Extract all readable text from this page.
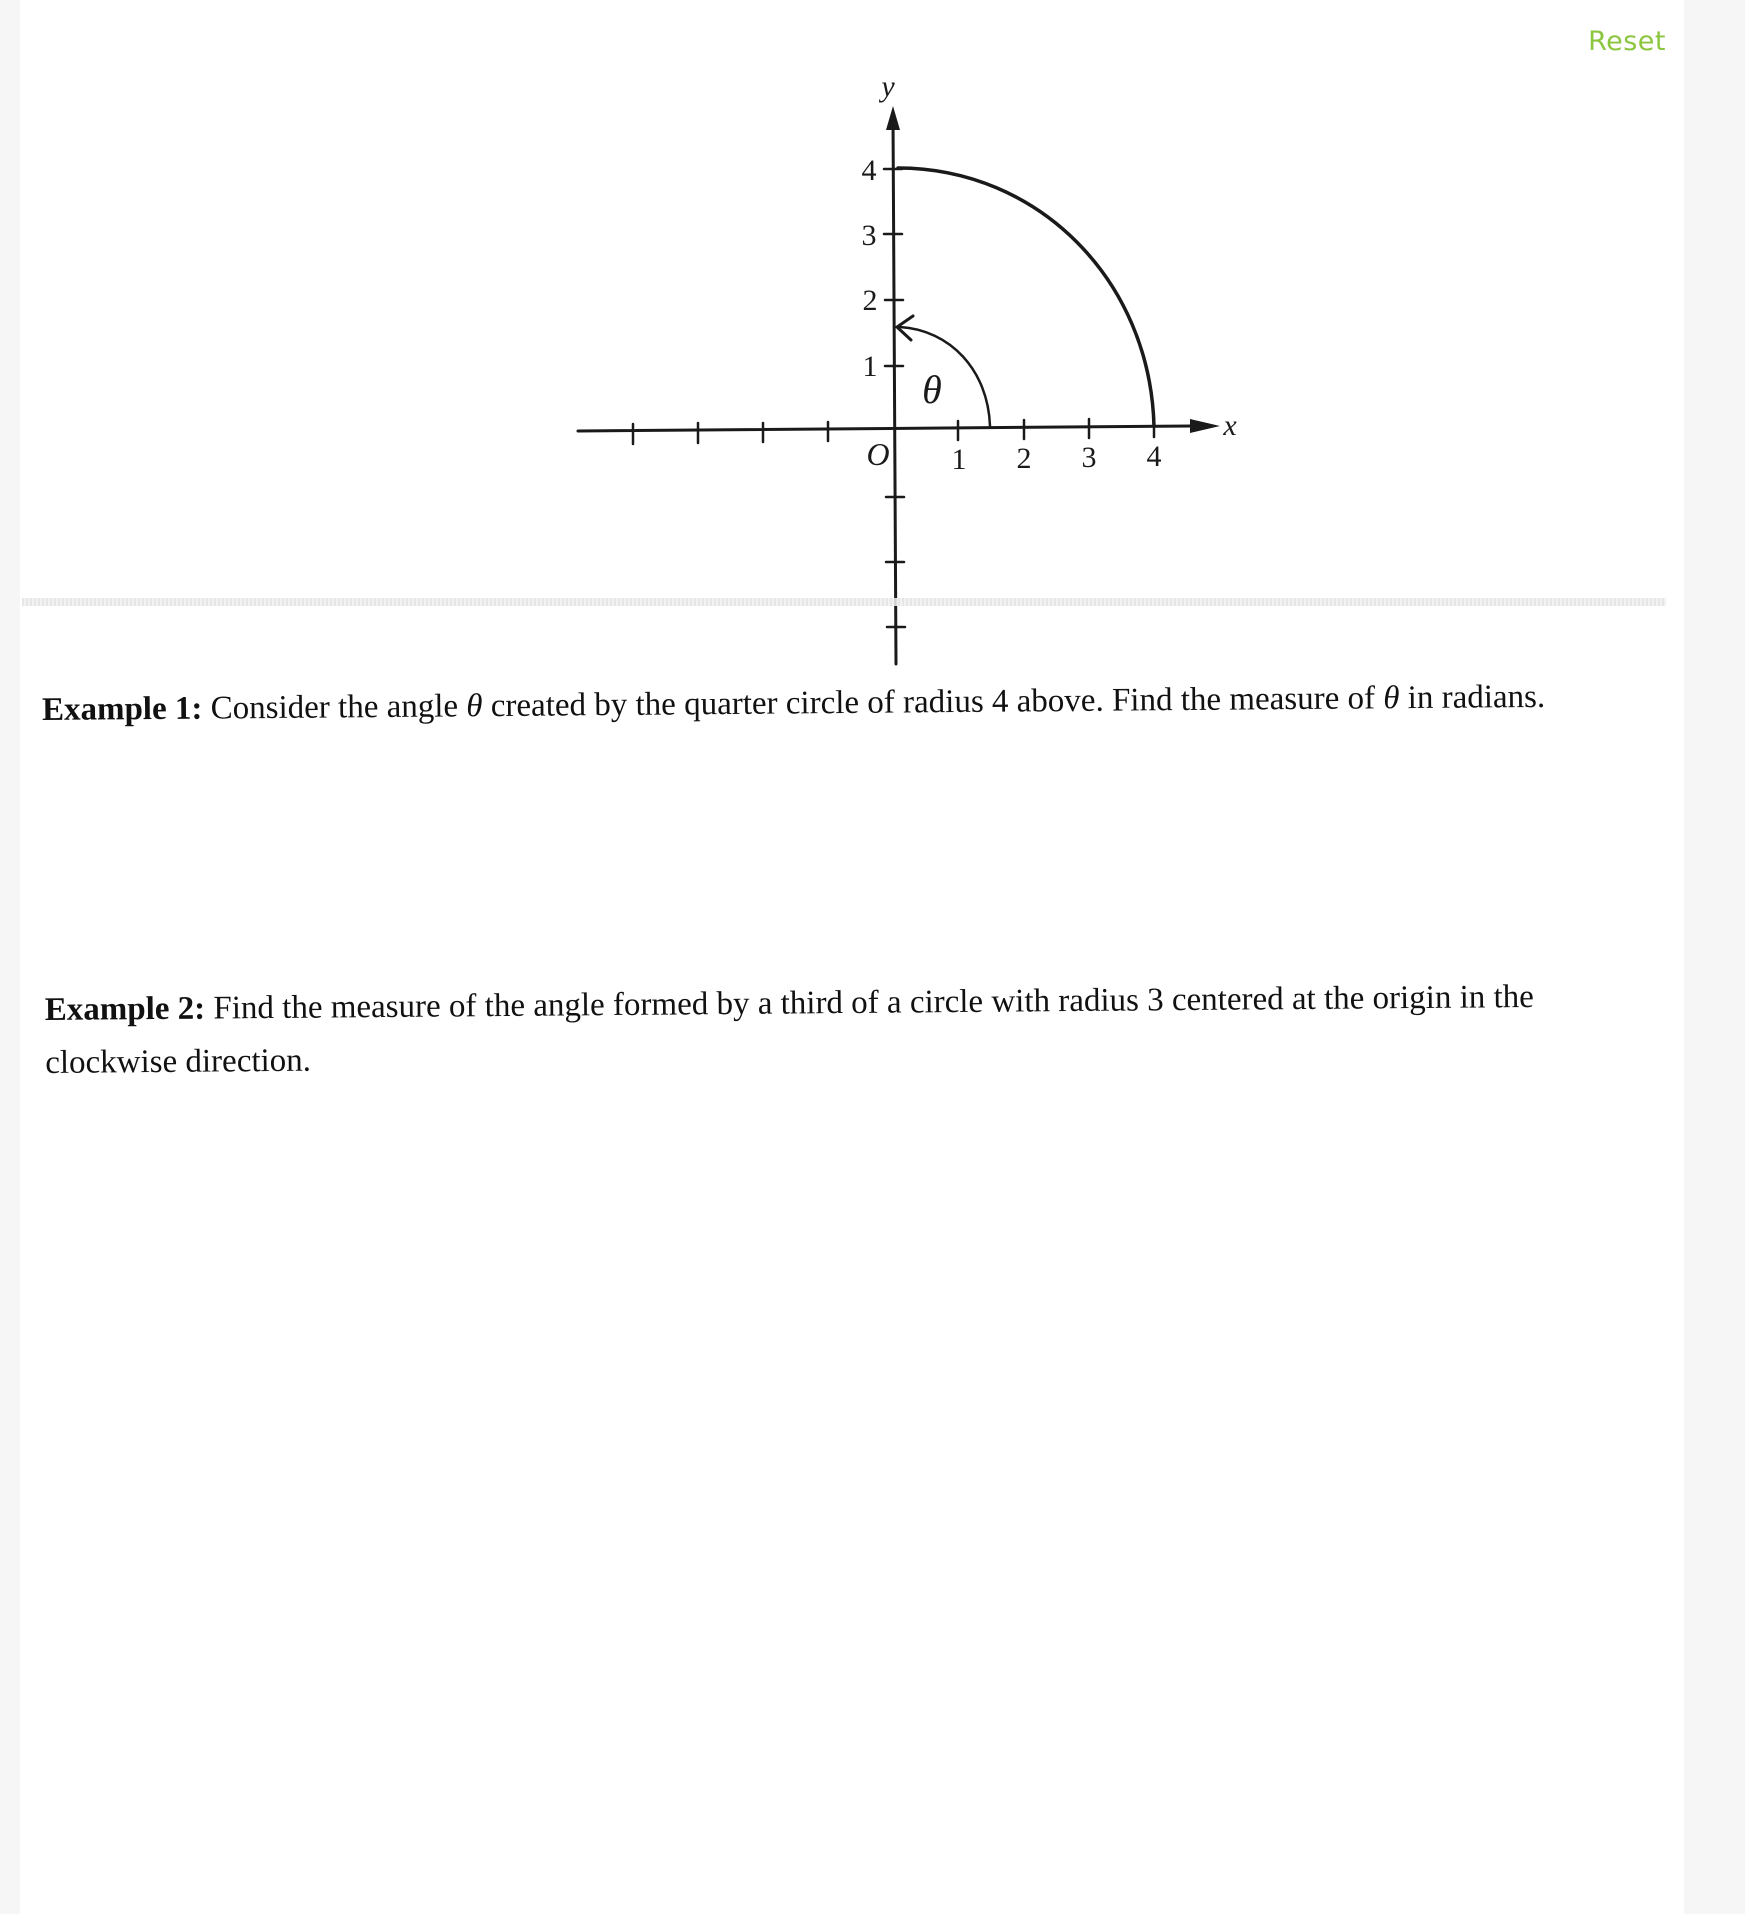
Reset
y
x
O
θ
1 2 3 4
1
2
3
4

Example 1: Consider the angle θ created by the quarter circle of radius 4 above. Find the measure of θ in radians.

Example 2: Find the measure of the angle formed by a third of a circle with radius 3 centered at the origin in the clockwise direction.
